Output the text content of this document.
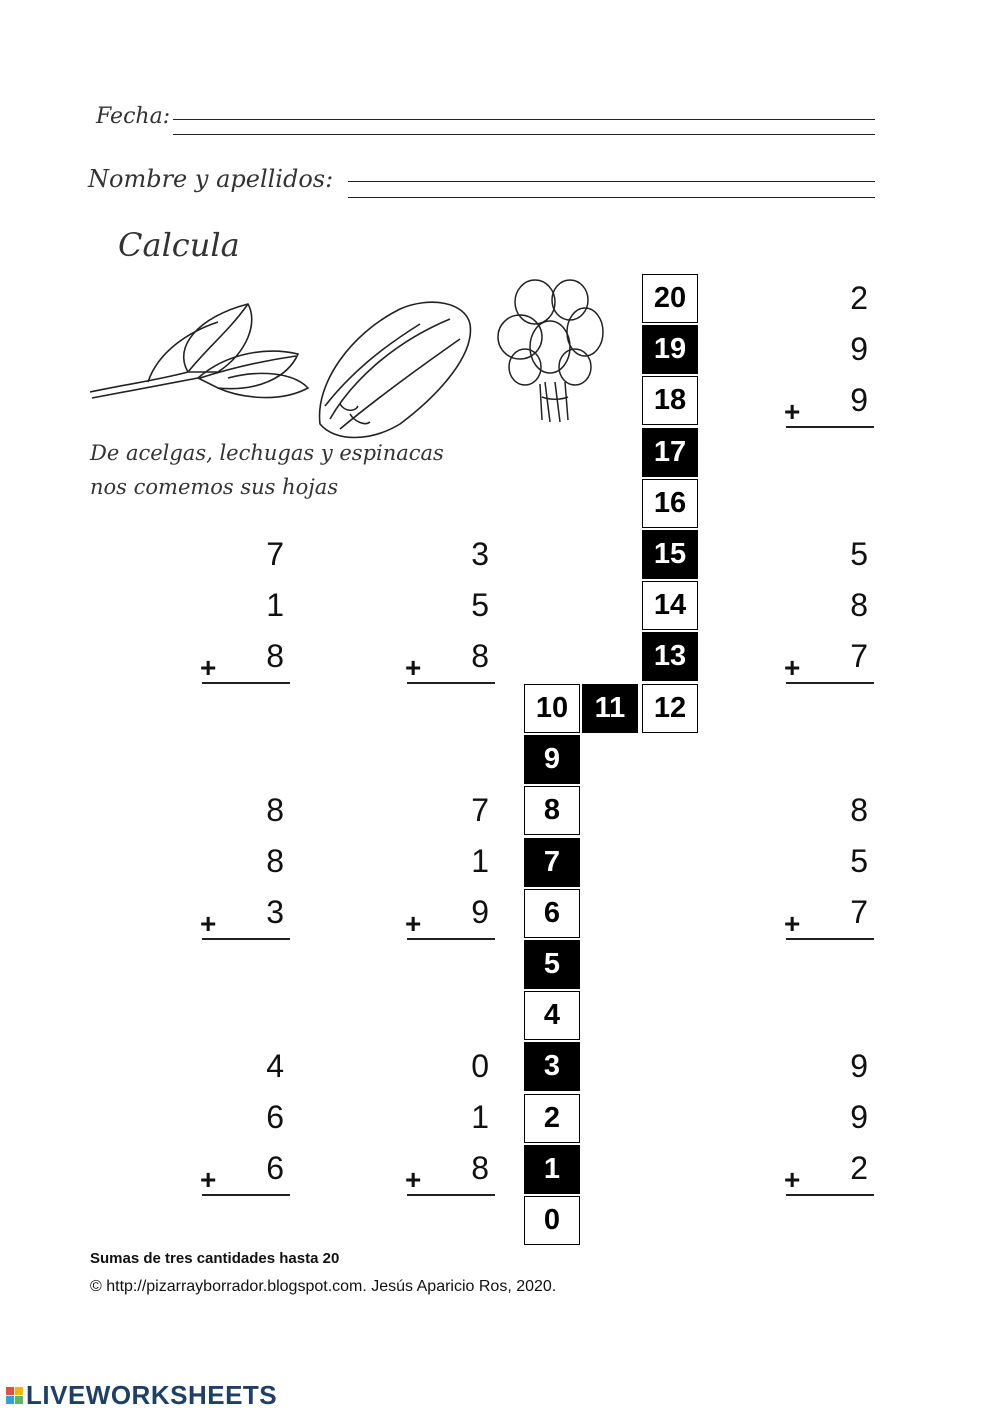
Fecha:
Nombre y apellidos:
Calcula
De acelgas, lechugas y espinacas
nos comemos sus hojas
2
9
9
+
7
1
8
+
3
5
8
+
5
8
7
+
8
8
3
+
7
1
9
+
8
5
7
+
4
6
6
+
0
1
8
+
9
9
2
+
20
19
18
17
16
15
14
13
12
11
10
9
8
7
6
5
4
3
2
1
0
Sumas de tres cantidades hasta 20
© http://pizarrayborrador.blogspot.com. Jesús Aparicio Ros, 2020.
LIVEWORKSHEETS
